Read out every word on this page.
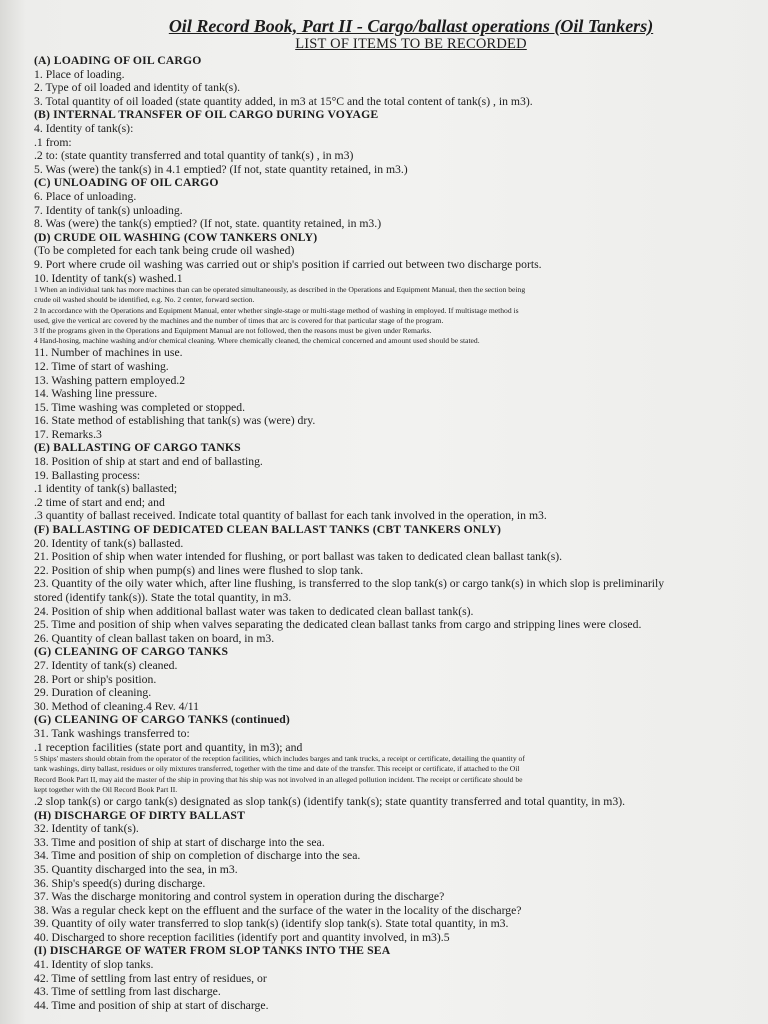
Oil Record Book, Part II - Cargo/ballast operations (Oil Tankers)
LIST OF ITEMS TO BE RECORDED
(A) LOADING OF OIL CARGO
1. Place of loading.
2. Type of oil loaded and identity of tank(s).
3. Total quantity of oil loaded (state quantity added, in m3 at 15°C and the total content of tank(s) , in m3).
(B) INTERNAL TRANSFER OF OIL CARGO DURING VOYAGE
4. Identity of tank(s):
.1 from:
.2 to: (state quantity transferred and total quantity of tank(s) , in m3)
5. Was (were) the tank(s) in 4.1 emptied? (If not, state quantity retained, in m3.)
(C) UNLOADING OF OIL CARGO
6. Place of unloading.
7. Identity of tank(s) unloading.
8. Was (were) the tank(s) emptied? (If not, state. quantity retained, in m3.)
(D) CRUDE OIL WASHING (COW TANKERS ONLY)
(To be completed for each tank being crude oil washed)
9. Port where crude oil washing was carried out or ship's position if carried out between two discharge ports.
10. Identity of tank(s) washed.1
1 When an individual tank has more machines than can be operated simultaneously, as described in the Operations and Equipment Manual, then the section being
crude oil washed should be identified, e.g. No. 2 center, forward section.
2 In accordance with the Operations and Equipment Manual, enter whether single-stage or multi-stage method of washing in employed. If multistage method is
used, give the vertical arc covered by the machines and the number of times that arc is covered for that particular stage of the program.
3 If the programs given in the Operations and Equipment Manual are not followed, then the reasons must be given under Remarks.
4 Hand-hosing, machine washing and/or chemical cleaning. Where chemically cleaned, the chemical concerned and amount used should be stated.
11. Number of machines in use.
12. Time of start of washing.
13. Washing pattern employed.2
14. Washing line pressure.
15. Time washing was completed or stopped.
16. State method of establishing that tank(s) was (were) dry.
17. Remarks.3
(E) BALLASTING OF CARGO TANKS
18. Position of ship at start and end of ballasting.
19. Ballasting process:
.1 identity of tank(s) ballasted;
.2 time of start and end; and
.3 quantity of ballast received. Indicate total quantity of ballast for each tank involved in the operation, in m3.
(F) BALLASTING OF DEDICATED CLEAN BALLAST TANKS (CBT TANKERS ONLY)
20. Identity of tank(s) ballasted.
21. Position of ship when water intended for flushing, or port ballast was taken to dedicated clean ballast tank(s).
22. Position of ship when pump(s) and lines were flushed to slop tank.
23. Quantity of the oily water which, after line flushing, is transferred to the slop tank(s) or cargo tank(s) in which slop is preliminarily
stored (identify tank(s)). State the total quantity, in m3.
24. Position of ship when additional ballast water was taken to dedicated clean ballast tank(s).
25. Time and position of ship when valves separating the dedicated clean ballast tanks from cargo and stripping lines were closed.
26. Quantity of clean ballast taken on board, in m3.
(G) CLEANING OF CARGO TANKS
27. Identity of tank(s) cleaned.
28. Port or ship's position.
29. Duration of cleaning.
30. Method of cleaning.4 Rev. 4/11
(G) CLEANING OF CARGO TANKS (continued)
31. Tank washings transferred to:
.1 reception facilities (state port and quantity, in m3); and
5 Ships' masters should obtain from the operator of the reception facilities, which includes barges and tank trucks, a receipt or certificate, detailing the quantity of
tank washings, dirty ballast, residues or oily mixtures transferred, together with the time and date of the transfer. This receipt or certificate, if attached to the Oil
Record Book Part II, may aid the master of the ship in proving that his ship was not involved in an alleged pollution incident. The receipt or certificate should be
kept together with the Oil Record Book Part II.
.2 slop tank(s) or cargo tank(s) designated as slop tank(s) (identify tank(s); state quantity transferred and total quantity, in m3).
(H) DISCHARGE OF DIRTY BALLAST
32. Identity of tank(s).
33. Time and position of ship at start of discharge into the sea.
34. Time and position of ship on completion of discharge into the sea.
35. Quantity discharged into the sea, in m3.
36. Ship's speed(s) during discharge.
37. Was the discharge monitoring and control system in operation during the discharge?
38. Was a regular check kept on the effluent and the surface of the water in the locality of the discharge?
39. Quantity of oily water transferred to slop tank(s) (identify slop tank(s). State total quantity, in m3.
40. Discharged to shore reception facilities (identify port and quantity involved, in m3).5
(I) DISCHARGE OF WATER FROM SLOP TANKS INTO THE SEA
41. Identity of slop tanks.
42. Time of settling from last entry of residues, or
43. Time of settling from last discharge.
44. Time and position of ship at start of discharge.
